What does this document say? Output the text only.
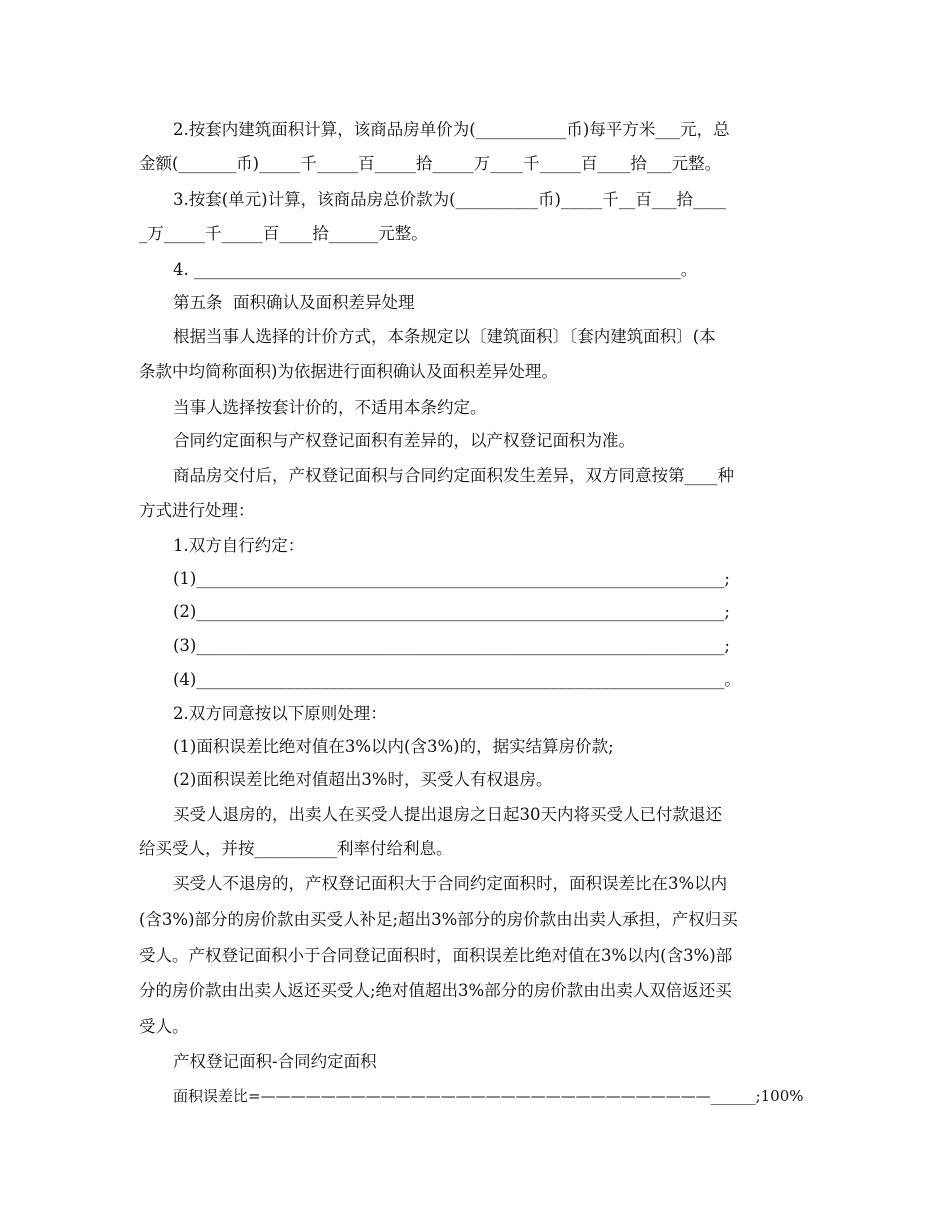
2.按套内建筑面积计算，该商品房单价为(___________币)每平方米___元，总
金额(_______币)_____千_____百_____拾_____万____千_____百____拾___元整。
3.按套(单元)计算，该商品房总价款为(__________币)_____千__百___拾____
_万_____千_____百____拾______元整。
4. ___________________________________________________________。
第五条  面积确认及面积差异处理
根据当事人选择的计价方式，本条规定以〔建筑面积〕〔套内建筑面积〕(本
条款中均简称面积)为依据进行面积确认及面积差异处理。
当事人选择按套计价的，不适用本条约定。
合同约定面积与产权登记面积有差异的，以产权登记面积为准。
商品房交付后，产权登记面积与合同约定面积发生差异，双方同意按第____种
方式进行处理：
1.双方自行约定：
(1)________________________________________________________________;
(2)________________________________________________________________;
(3)________________________________________________________________;
(4)________________________________________________________________。
2.双方同意按以下原则处理：
(1)面积误差比绝对值在3%以内(含3%)的，据实结算房价款;
(2)面积误差比绝对值超出3%时，买受人有权退房。
买受人退房的，出卖人在买受人提出退房之日起30天内将买受人已付款退还
给买受人，并按__________利率付给利息。
买受人不退房的，产权登记面积大于合同约定面积时，面积误差比在3%以内
(含3%)部分的房价款由买受人补足;超出3%部分的房价款由出卖人承担，产权归买
受人。产权登记面积小于合同登记面积时，面积误差比绝对值在3%以内(含3%)部
分的房价款由出卖人返还买受人;绝对值超出3%部分的房价款由出卖人双倍返还买
受人。
产权登记面积-合同约定面积
面积误差比=——————————————————————————————______;100%
